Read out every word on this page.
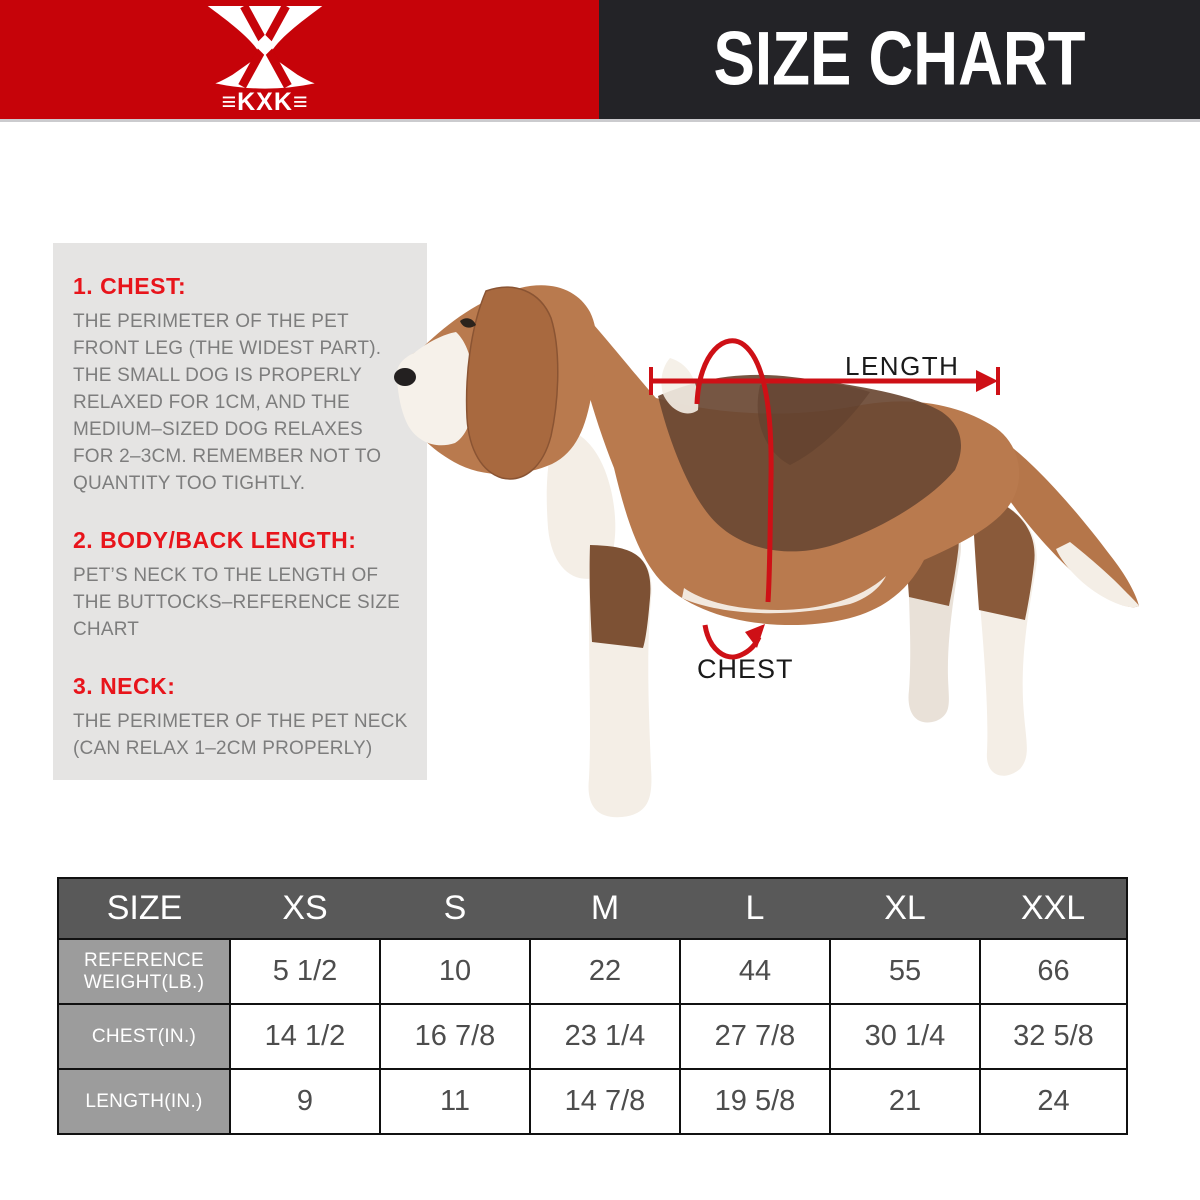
≡KXK≡
SIZE CHART
1. CHEST:

THE PERIMETER OF THE PET FRONT LEG (THE WIDEST PART). THE SMALL DOG IS PROPERLY RELAXED FOR 1CM, AND THE MEDIUM–SIZED DOG RELAXES FOR 2–3CM. REMEMBER NOT TO QUANTITY TOO TIGHTLY.

2. BODY/BACK LENGTH:

PET’S NECK TO THE LENGTH OF THE BUTTOCKS–REFERENCE SIZE CHART

3. NECK:

THE PERIMETER OF THE PET NECK (CAN RELAX 1–2CM PROPERLY)

LENGTH
CHEST
SIZE	XS	S	M	L	XL	XXL
REFERENCE WEIGHT(LB.)	5 1/2	10	22	44	55	66
CHEST(IN.)	14 1/2	16 7/8	23 1/4	27 7/8	30 1/4	32 5/8
LENGTH(IN.)	9	11	14 7/8	19 5/8	21	24
